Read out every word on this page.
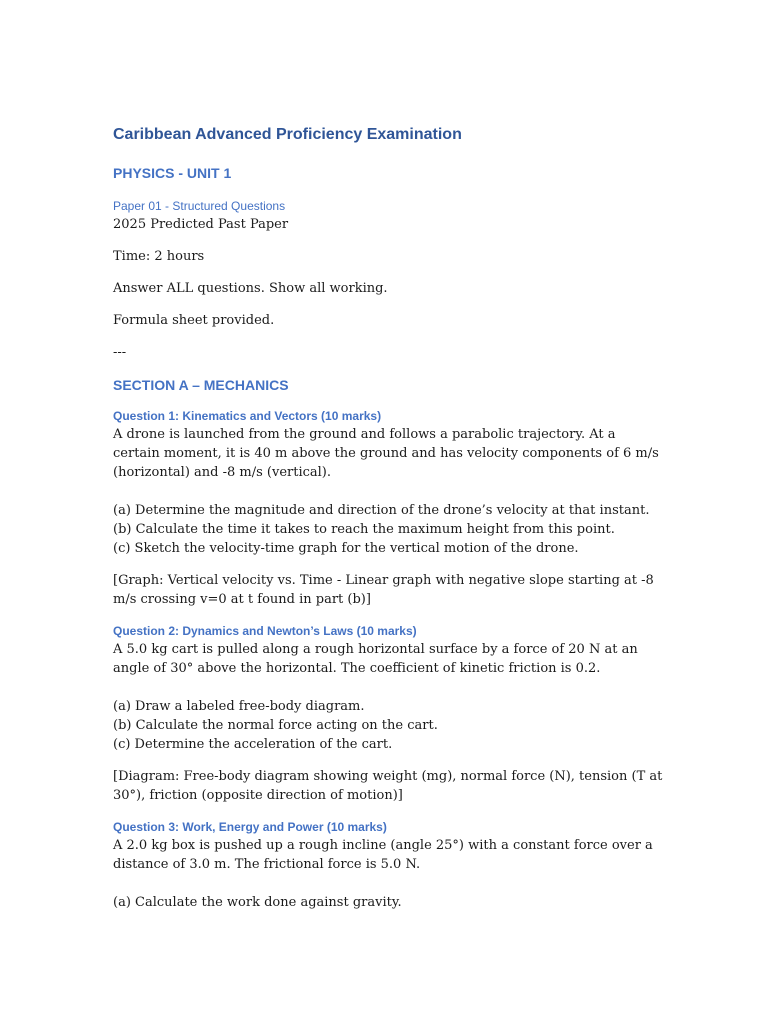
Caribbean Advanced Proficiency Examination
PHYSICS - UNIT 1
Paper 01 - Structured Questions

2025 Predicted Past Paper

Time: 2 hours

Answer ALL questions. Show all working.

Formula sheet provided.

---

SECTION A – MECHANICS
Question 1: Kinematics and Vectors (10 marks)

A drone is launched from the ground and follows a parabolic trajectory. At a certain moment, it is 40 m above the ground and has velocity components of 6 m/s (horizontal) and -8 m/s (vertical).

(a) Determine the magnitude and direction of the drone’s velocity at that instant.
(b) Calculate the time it takes to reach the maximum height from this point.
(c) Sketch the velocity-time graph for the vertical motion of the drone.

[Graph: Vertical velocity vs. Time - Linear graph with negative slope starting at -8 m/s crossing v=0 at t found in part (b)]

Question 2: Dynamics and Newton’s Laws (10 marks)

A 5.0 kg cart is pulled along a rough horizontal surface by a force of 20 N at an angle of 30° above the horizontal. The coefficient of kinetic friction is 0.2.

(a) Draw a labeled free-body diagram.
(b) Calculate the normal force acting on the cart.
(c) Determine the acceleration of the cart.

[Diagram: Free-body diagram showing weight (mg), normal force (N), tension (T at 30°), friction (opposite direction of motion)]

Question 3: Work, Energy and Power (10 marks)

A 2.0 kg box is pushed up a rough incline (angle 25°) with a constant force over a distance of 3.0 m. The frictional force is 5.0 N.

(a) Calculate the work done against gravity.
